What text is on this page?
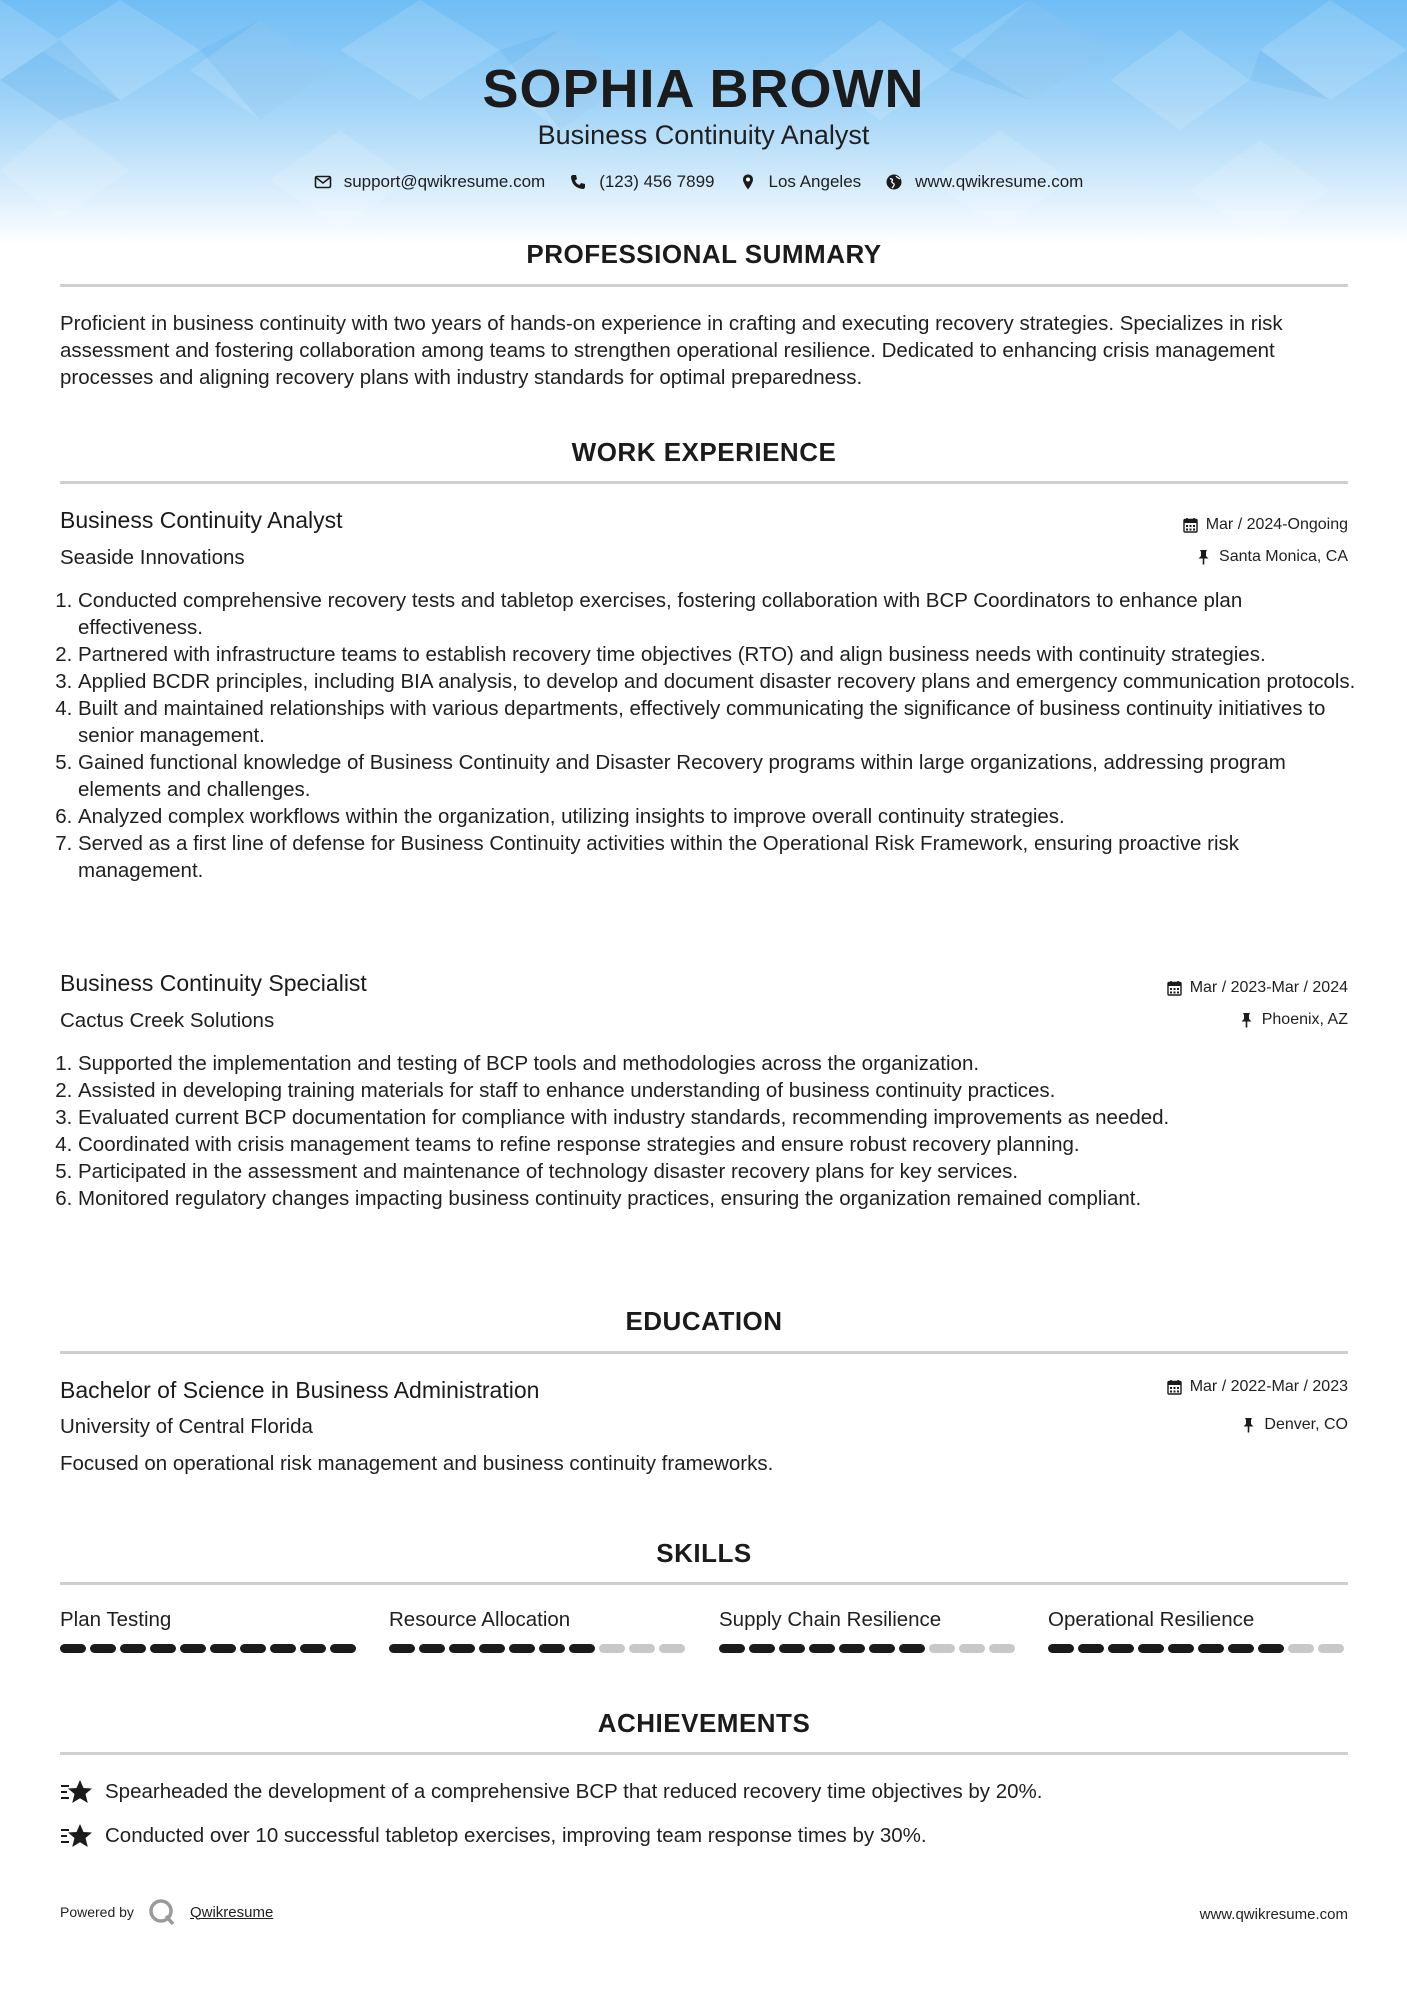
SOPHIA BROWN
Business Continuity Analyst
support@qwikresume.com	(123) 456 7899	Los Angeles	www.qwikresume.com
PROFESSIONAL SUMMARY
Proficient in business continuity with two years of hands-on experience in crafting and executing recovery strategies. Specializes in risk assessment and fostering collaboration among teams to strengthen operational resilience. Dedicated to enhancing crisis management processes and aligning recovery plans with industry standards for optimal preparedness.
WORK EXPERIENCE
Business Continuity Analyst	Mar / 2024-Ongoing
Seaside Innovations	Santa Monica, CA
1. Conducted comprehensive recovery tests and tabletop exercises, fostering collaboration with BCP Coordinators to enhance plan effectiveness.
2. Partnered with infrastructure teams to establish recovery time objectives (RTO) and align business needs with continuity strategies.
3. Applied BCDR principles, including BIA analysis, to develop and document disaster recovery plans and emergency communication protocols.
4. Built and maintained relationships with various departments, effectively communicating the significance of business continuity initiatives to senior management.
5. Gained functional knowledge of Business Continuity and Disaster Recovery programs within large organizations, addressing program elements and challenges.
6. Analyzed complex workflows within the organization, utilizing insights to improve overall continuity strategies.
7. Served as a first line of defense for Business Continuity activities within the Operational Risk Framework, ensuring proactive risk management.
Business Continuity Specialist	Mar / 2023-Mar / 2024
Cactus Creek Solutions	Phoenix, AZ
1. Supported the implementation and testing of BCP tools and methodologies across the organization.
2. Assisted in developing training materials for staff to enhance understanding of business continuity practices.
3. Evaluated current BCP documentation for compliance with industry standards, recommending improvements as needed.
4. Coordinated with crisis management teams to refine response strategies and ensure robust recovery planning.
5. Participated in the assessment and maintenance of technology disaster recovery plans for key services.
6. Monitored regulatory changes impacting business continuity practices, ensuring the organization remained compliant.
EDUCATION
Bachelor of Science in Business Administration	Mar / 2022-Mar / 2023
University of Central Florida	Denver, CO
Focused on operational risk management and business continuity frameworks.
SKILLS
Plan Testing	Resource Allocation	Supply Chain Resilience	Operational Resilience
ACHIEVEMENTS
Spearheaded the development of a comprehensive BCP that reduced recovery time objectives by 20%.
Conducted over 10 successful tabletop exercises, improving team response times by 30%.
Powered by	Qwikresume	www.qwikresume.com
